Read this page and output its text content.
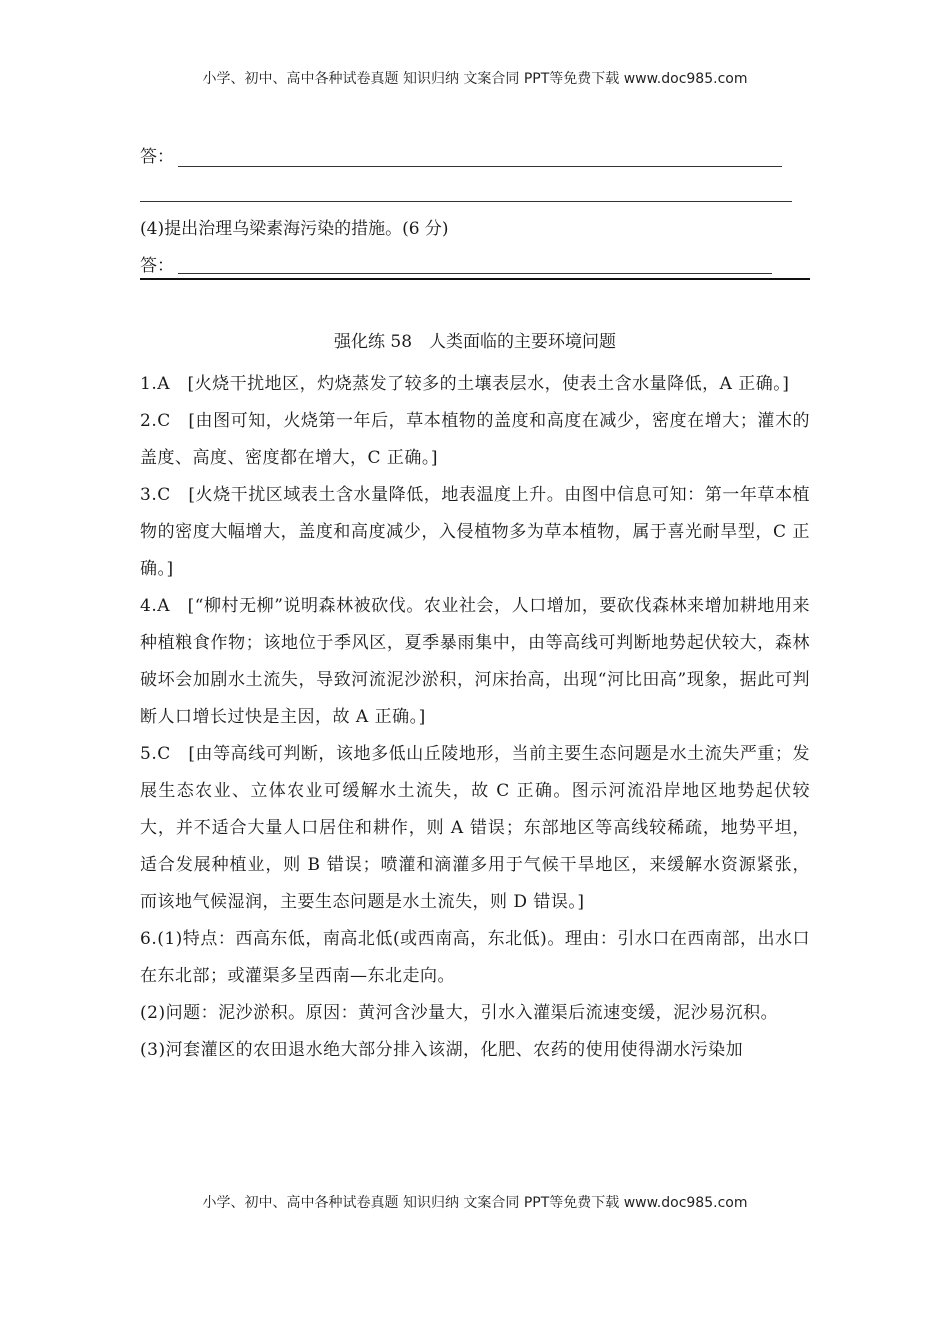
小学、初中、高中各种试卷真题 知识归纳 文案合同 PPT等免费下载 www.doc985.com
答：
(4)提出治理乌梁素海污染的措施。(6 分)
答：
强化练 58　人类面临的主要环境问题

1.A　[火烧干扰地区，灼烧蒸发了较多的土壤表层水，使表土含水量降低，A 正确。]

2.C　[由图可知，火烧第一年后，草本植物的盖度和高度在减少，密度在增大；灌木的盖度、高度、密度都在增大，C 正确。]

3.C　[火烧干扰区域表土含水量降低，地表温度上升。由图中信息可知：第一年草本植物的密度大幅增大，盖度和高度减少，入侵植物多为草本植物，属于喜光耐旱型，C 正确。]

4.A　[“柳村无柳”说明森林被砍伐。农业社会，人口增加，要砍伐森林来增加耕地用来种植粮食作物；该地位于季风区，夏季暴雨集中，由等高线可判断地势起伏较大，森林破坏会加剧水土流失，导致河流泥沙淤积，河床抬高，出现“河比田高”现象，据此可判断人口增长过快是主因，故 A 正确。]

5.C　[由等高线可判断，该地多低山丘陵地形，当前主要生态问题是水土流失严重；发展生态农业、立体农业可缓解水土流失，故 C 正确。图示河流沿岸地区地势起伏较大，并不适合大量人口居住和耕作，则 A 错误；东部地区等高线较稀疏，地势平坦，适合发展种植业，则 B 错误；喷灌和滴灌多用于气候干旱地区，来缓解水资源紧张，而该地气候湿润，主要生态问题是水土流失，则 D 错误。]

6.(1)特点：西高东低，南高北低(或西南高，东北低)。理由：引水口在西南部，出水口在东北部；或灌渠多呈西南—东北走向。

(2)问题：泥沙淤积。原因：黄河含沙量大，引水入灌渠后流速变缓，泥沙易沉积。

(3)河套灌区的农田退水绝大部分排入该湖，化肥、农药的使用使得湖水污染加

小学、初中、高中各种试卷真题 知识归纳 文案合同 PPT等免费下载 www.doc985.com
